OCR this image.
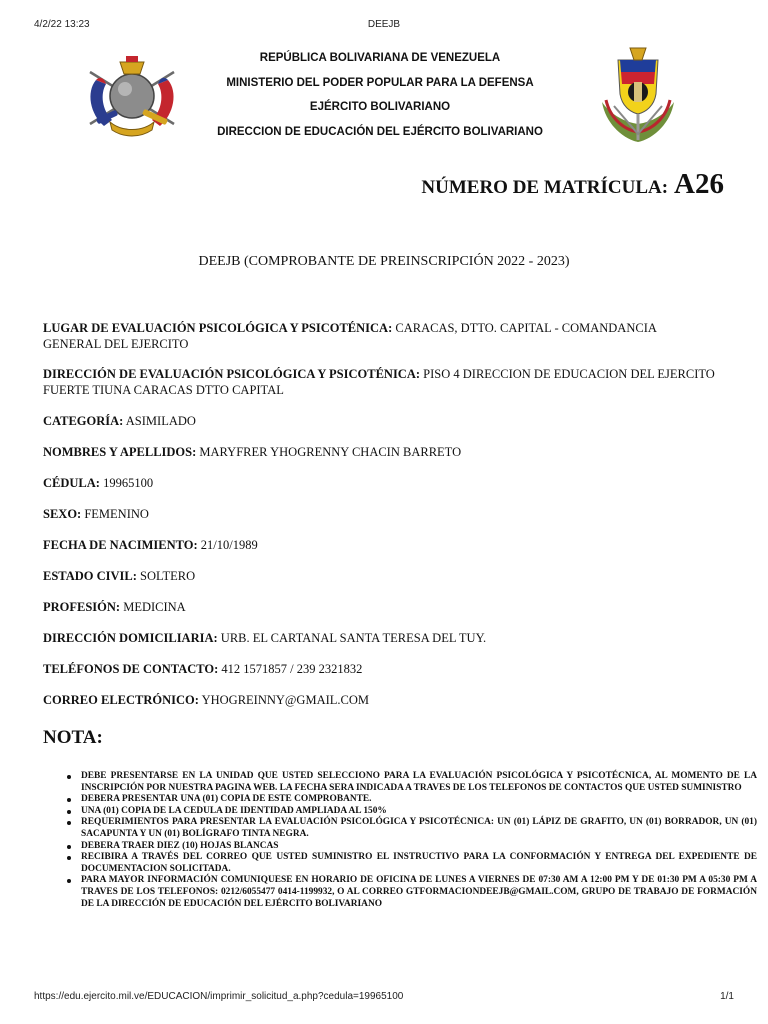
4/2/22 13:23	DEEJB
REPÚBLICA BOLIVARIANA DE VENEZUELA
MINISTERIO DEL PODER POPULAR PARA LA DEFENSA
EJÉRCITO BOLIVARIANO
DIRECCION DE EDUCACIÓN DEL EJÉRCITO BOLIVARIANO
NÚMERO DE MATRÍCULA: A26
DEEJB (COMPROBANTE DE PREINSCRIPCIÓN 2022 - 2023)
LUGAR DE EVALUACIÓN PSICOLÓGICA Y PSICOTÉNICA: CARACAS, DTTO. CAPITAL - COMANDANCIA GENERAL DEL EJERCITO
DIRECCIÓN DE EVALUACIÓN PSICOLÓGICA Y PSICOTÉNICA: PISO 4 DIRECCION DE EDUCACION DEL EJERCITO FUERTE TIUNA CARACAS DTTO CAPITAL
CATEGORÍA: ASIMILADO
NOMBRES Y APELLIDOS: MARYFRER YHOGRENNY CHACIN BARRETO
CÉDULA: 19965100
SEXO: FEMENINO
FECHA DE NACIMIENTO: 21/10/1989
ESTADO CIVIL: SOLTERO
PROFESIÓN: MEDICINA
DIRECCIÓN DOMICILIARIA: URB. EL CARTANAL SANTA TERESA DEL TUY.
TELÉFONOS DE CONTACTO: 412 1571857 / 239 2321832
CORREO ELECTRÓNICO: YHOGREINNY@GMAIL.COM
NOTA:
DEBE PRESENTARSE EN LA UNIDAD QUE USTED SELECCIONO PARA LA EVALUACIÓN PSICOLÓGICA Y PSICOTÉCNICA, AL MOMENTO DE LA INSCRIPCIÓN POR NUESTRA PAGINA WEB. LA FECHA SERA INDICADA A TRAVES DE LOS TELEFONOS DE CONTACTOS QUE USTED SUMINISTRO
DEBERA PRESENTAR UNA (01) COPIA DE ESTE COMPROBANTE.
UNA (01) COPIA DE LA CEDULA DE IDENTIDAD AMPLIADA AL 150%
REQUERIMIENTOS PARA PRESENTAR LA EVALUACIÓN PSICOLÓGICA Y PSICOTÉCNICA: UN (01) LÁPIZ DE GRAFITO, UN (01) BORRADOR, UN (01) SACAPUNTA Y UN (01) BOLÍGRAFO TINTA NEGRA.
DEBERA TRAER DIEZ (10) HOJAS BLANCAS
RECIBIRA A TRAVÉS DEL CORREO QUE USTED SUMINISTRO EL INSTRUCTIVO PARA LA CONFORMACIÓN Y ENTREGA DEL EXPEDIENTE DE DOCUMENTACION SOLICITADA.
PARA MAYOR INFORMACIÓN COMUNIQUESE EN HORARIO DE OFICINA DE LUNES A VIERNES DE 07:30 AM A 12:00 PM Y DE 01:30 PM A 05:30 PM A TRAVES DE LOS TELEFONOS: 0212/6055477 0414-1199932, O AL CORREO GTFORMACIONDEEJB@GMAIL.COM, GRUPO DE TRABAJO DE FORMACIÓN DE LA DIRECCIÓN DE EDUCACIÓN DEL EJÉRCITO BOLIVARIANO
https://edu.ejercito.mil.ve/EDUCACION/imprimir_solicitud_a.php?cedula=19965100	1/1
